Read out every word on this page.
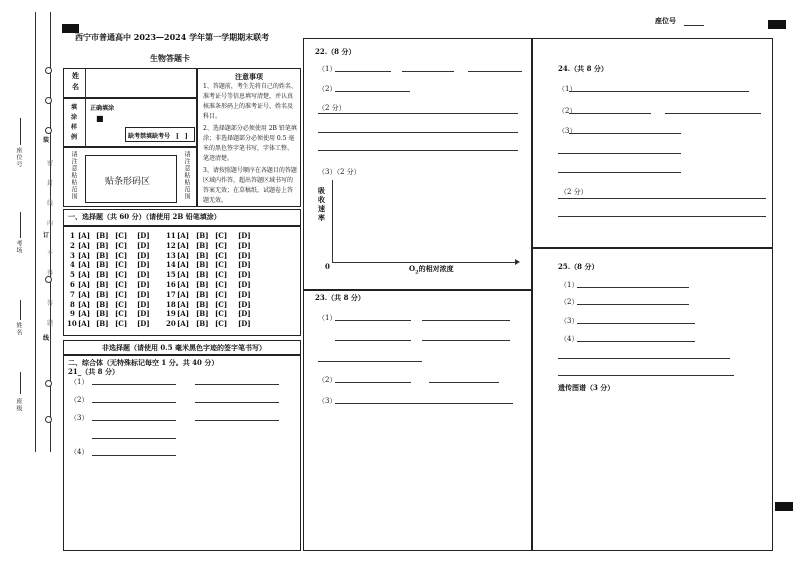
座位号
班级
姓名
考场
座位号
装
订
线
密
封
线
内
不
得
答
题
西宁市普通高中 2023—2024 学年第一学期期末联考
生物答题卡
姓名
填涂样例
正确填涂
■
缺考禁填缺考号　[　]
请注意粘贴范围	贴条形码区	请注意粘贴范围
注意事项
1、答题前，考生先将自己的姓名、准考证号等信息填写清楚，并认真核准条形码上的准考证号、姓名及科目。
2、选择题部分必须使用 2B 铅笔填涂；非选择题部分必须使用 0.5 毫米的黑色签字笔书写，字体工整、笔迹清楚。
3、请按照题号顺序在各题目的答题区域内作答，超出答题区域书写的答案无效；在草稿纸、试题卷上答题无效。
一、选择题（共 60 分）（请使用 2B 铅笔填涂）
1 [A] [B] [C] [D] 11 [A] [B] [C] [D]
2 [A] [B] [C] [D] 12 [A] [B] [C] [D]
3 [A] [B] [C] [D] 13 [A] [B] [C] [D]
4 [A] [B] [C] [D] 14 [A] [B] [C] [D]
5 [A] [B] [C] [D] 15 [A] [B] [C] [D]
6 [A] [B] [C] [D] 16 [A] [B] [C] [D]
7 [A] [B] [C] [D] 17 [A] [B] [C] [D]
8 [A] [B] [C] [D] 18 [A] [B] [C] [D]
9 [A] [B] [C] [D] 19 [A] [B] [C] [D]
10 [A] [B] [C] [D] 20 [A] [B] [C] [D]
非选择题（请使用 0.5 毫米黑色字迹的签字笔书写）
二、综合体（无特殊标记每空 1 分。共 40 分）
21_（共 8 分）
（1）
（2）
（3）
（4）
22.（8 分）
（1）
（2）
（2 分）
（3）（2 分）
吸收速率
0	$O_2$的相对浓度
23.（共 8 分）
（1）
（2）
（3）
24.（共 8 分）
（1）
（2）
（3）
（2 分）
25.（8 分）
（1）
（2）
（3）
（4）
遗传图谱（3 分）
